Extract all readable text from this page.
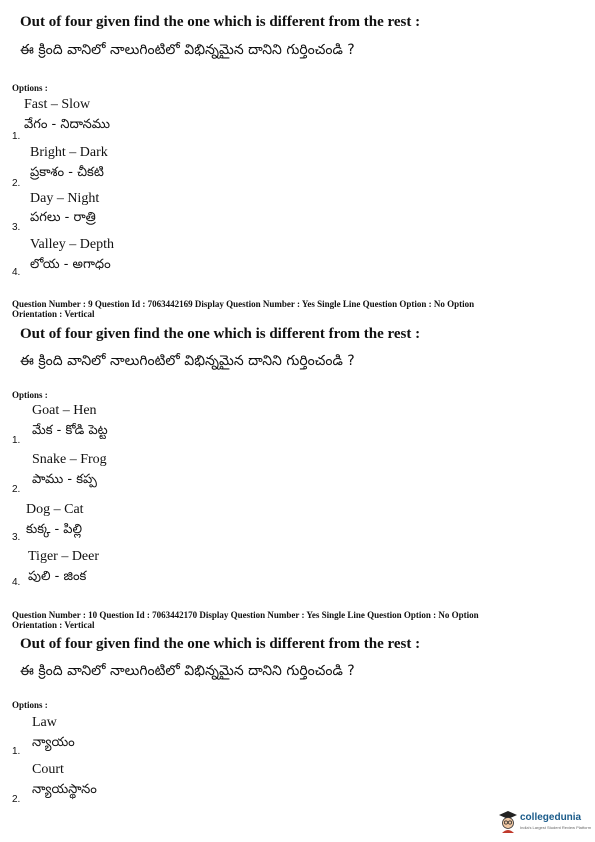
Out of four given find the one which is different from the rest :
ఈ క్రింది వానిలో నాలుగింటిలో విభిన్నమైన దానిని గుర్తించండి ?
Options :
Fast – Slow
వేగం - నిదానము
1.
Bright – Dark
ప్రకాశం - చీకటి
2.
Day – Night
పగలు - రాత్రి
3.
Valley – Depth
లోయ - అగాధం
4.
Question Number : 9 Question Id : 7063442169 Display Question Number : Yes Single Line Question Option : No Option
Orientation : Vertical
Out of four given find the one which is different from the rest :
ఈ క్రింది వానిలో నాలుగింటిలో విభిన్నమైన దానిని గుర్తించండి ?
Options :
Goat – Hen
మేక - కోడి పెట్ట
1.
Snake – Frog
పాము - కప్ప
2.
Dog – Cat
కుక్క - పిల్లి
3.
Tiger – Deer
పులి - జింక
4.
Question Number : 10 Question Id : 7063442170 Display Question Number : Yes Single Line Question Option : No Option
Orientation : Vertical
Out of four given find the one which is different from the rest :
ఈ క్రింది వానిలో నాలుగింటిలో విభిన్నమైన దానిని గుర్తించండి ?
Options :
Law
న్యాయం
1.
Court
న్యాయస్థానం
2.
collegedunia
India's Largest Student Review Platform
